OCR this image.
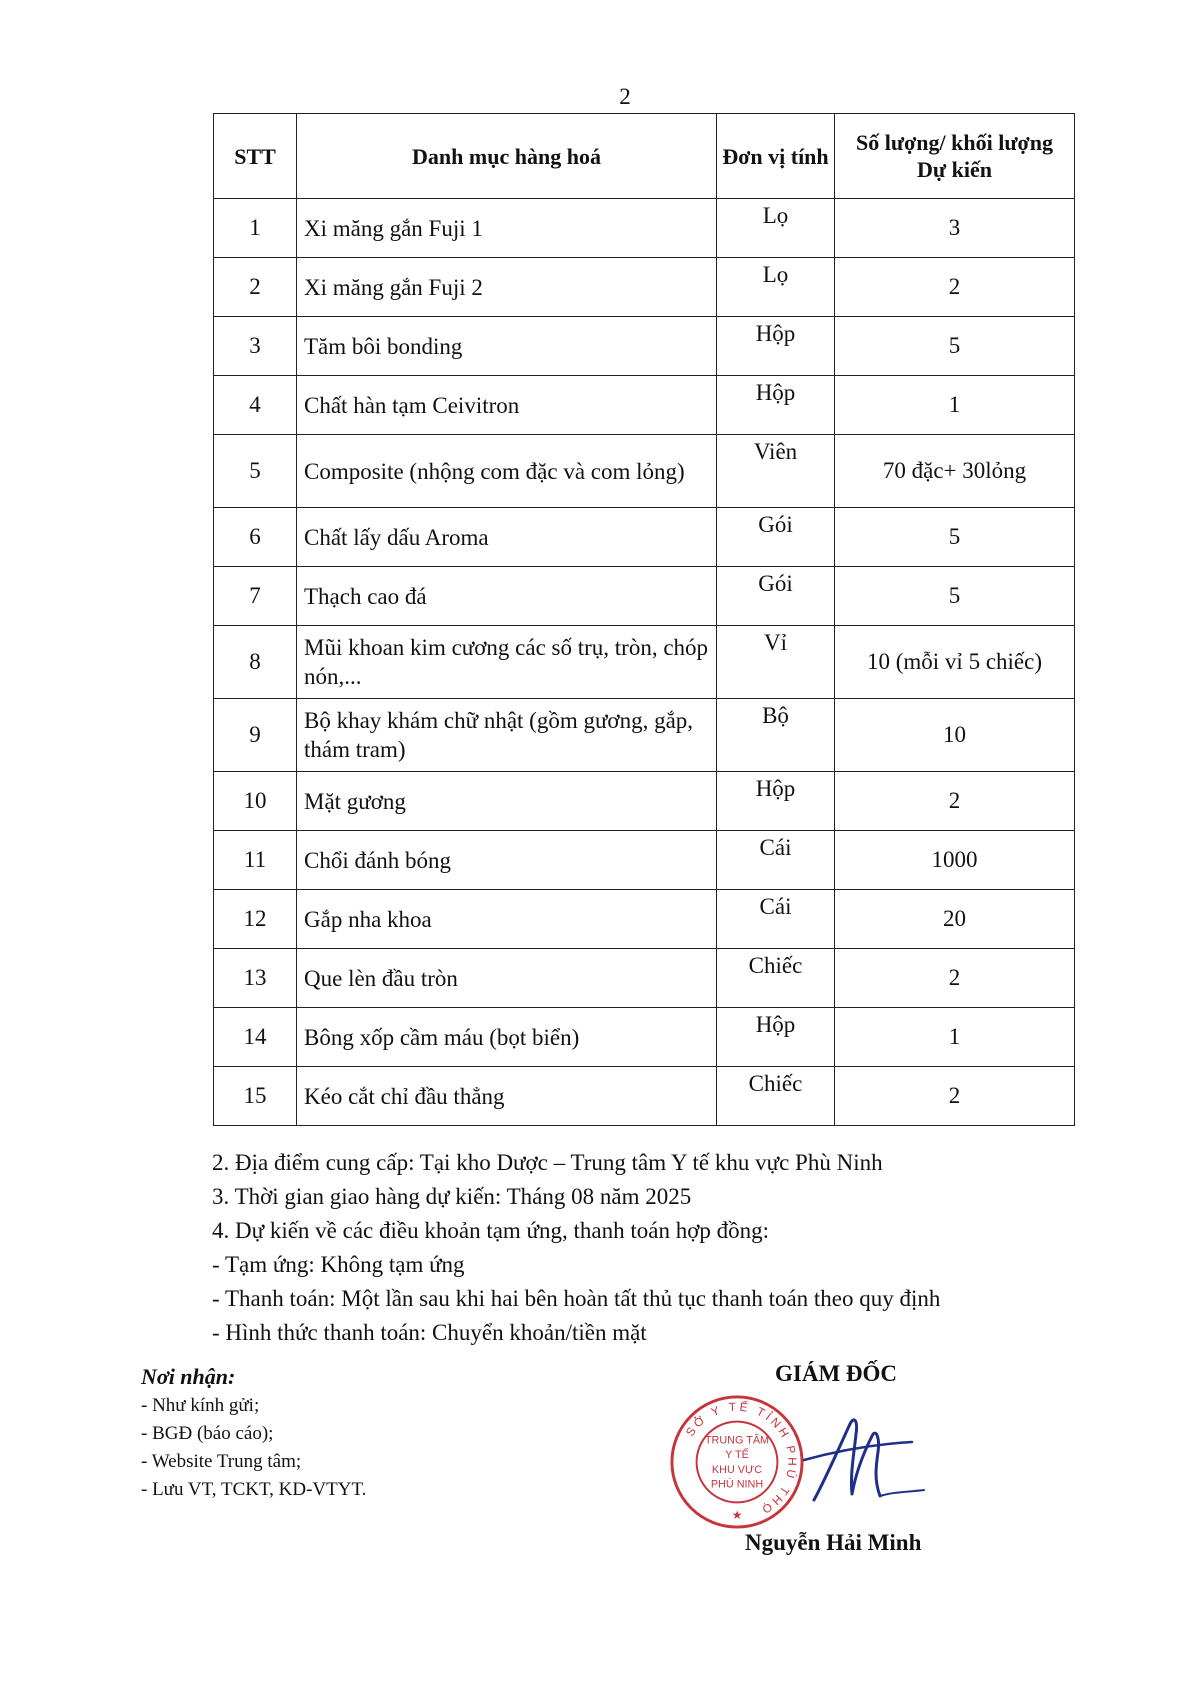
2
STT	Danh mục hàng hoá	Đơn vị tính	Số lượng/ khối lượng
Dự kiến
1	Xi măng gắn Fuji 1	Lọ	3
2	Xi măng gắn Fuji 2	Lọ	2
3	Tăm bôi bonding	Hộp	5
4	Chất hàn tạm Ceivitron	Hộp	1
5	Composite (nhộng com đặc và com lỏng)	Viên	70 đặc+ 30lỏng
6	Chất lấy dấu Aroma	Gói	5
7	Thạch cao đá	Gói	5
8	Mũi khoan kim cương các số trụ, tròn, chóp nón,...	Vỉ	10 (mỗi vỉ 5 chiếc)
9	Bộ khay khám chữ nhật (gồm gương, gắp, thám tram)	Bộ	10
10	Mặt gương	Hộp	2
11	Chổi đánh bóng	Cái	1000
12	Gắp nha khoa	Cái	20
13	Que lèn đầu tròn	Chiếc	2
14	Bông xốp cầm máu (bọt biển)	Hộp	1
15	Kéo cắt chỉ đầu thẳng	Chiếc	2
2. Địa điểm cung cấp: Tại kho Dược – Trung tâm Y tế khu vực Phù Ninh
3. Thời gian giao hàng dự kiến: Tháng 08 năm 2025
4. Dự kiến về các điều khoản tạm ứng, thanh toán hợp đồng:
- Tạm ứng: Không tạm ứng
- Thanh toán: Một lần sau khi hai bên hoàn tất thủ tục thanh toán theo quy định
- Hình thức thanh toán: Chuyển khoản/tiền mặt
Nơi nhận:
- Như kính gửi;
- BGĐ (báo cáo);
- Website Trung tâm;
- Lưu VT, TCKT, KD-VTYT.
GIÁM ĐỐC
SỞ Y TẾ TỈNH PHÚ THỌ
TRUNG TÂM
Y TẾ
KHU VỰC
PHÙ NINH
★
Nguyễn Hải Minh
